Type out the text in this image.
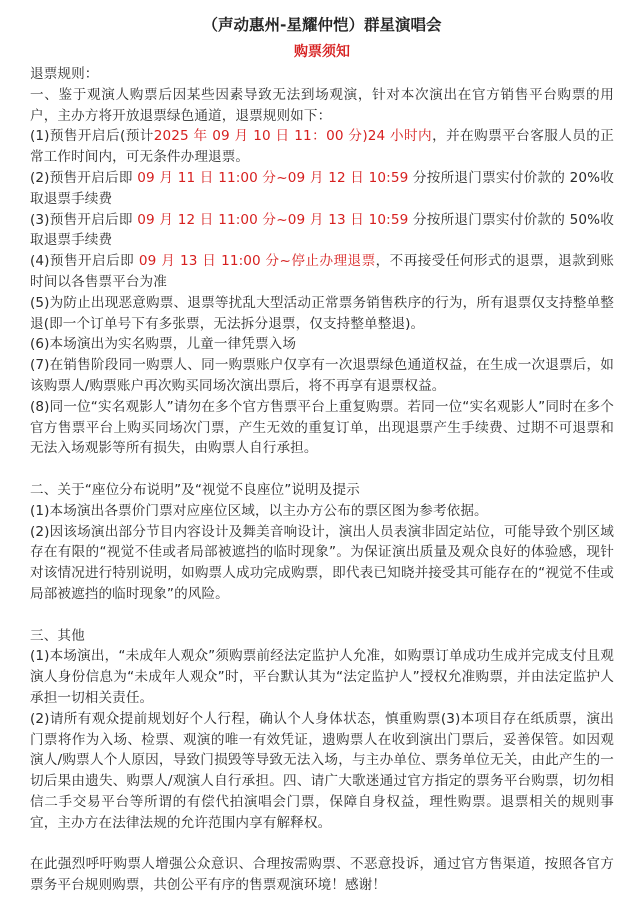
（声动惠州-星耀仲恺）群星演唱会
购票须知

退票规则：

一、鉴于观演人购票后因某些因素导致无法到场观演，针对本次演出在官方销售平台购票的用户，主办方将开放退票绿色通道，退票规则如下：

(1)预售开启后(预计2025 年 09 月 10 日 11：00 分)24 小时内，并在购票平台客服人员的正常工作时间内，可无条件办理退票。

(2)预售开启后即 09 月 11 日 11:00 分~09 月 12 日 10:59 分按所退门票实付价款的 20%收取退票手续费

(3)预售开启后即 09 月 12 日 11:00 分~09 月 13 日 10:59 分按所退门票实付价款的 50%收取退票手续费

(4)预售开启后即 09 月 13 日 11:00 分~停止办理退票，不再接受任何形式的退票，退款到账时间以各售票平台为准

(5)为防止出现恶意购票、退票等扰乱大型活动正常票务销售秩序的行为，所有退票仅支持整单整退(即一个订单号下有多张票，无法拆分退票，仅支持整单整退)。

(6)本场演出为实名购票，儿童一律凭票入场

(7)在销售阶段同一购票人、同一购票账户仅享有一次退票绿色通道权益，在生成一次退票后，如该购票人/购票账户再次购买同场次演出票后，将不再享有退票权益。

(8)同一位“实名观影人”请勿在多个官方售票平台上重复购票。若同一位“实名观影人”同时在多个官方售票平台上购买同场次门票，产生无效的重复订单，出现退票产生手续费、过期不可退票和无法入场观影等所有损失，由购票人自行承担。

二、关于“座位分布说明”及“视觉不良座位”说明及提示

(1)本场演出各票价门票对应座位区域，以主办方公布的票区图为参考依据。

(2)因该场演出部分节目内容设计及舞美音响设计，演出人员表演非固定站位，可能导致个别区域存在有限的“视觉不佳或者局部被遮挡的临时现象”。为保证演出质量及观众良好的体验感，现针对该情况进行特别说明，如购票人成功完成购票，即代表已知晓并接受其可能存在的“视觉不佳或局部被遮挡的临时现象”的风险。

三、其他

(1)本场演出，“未成年人观众”须购票前经法定监护人允准，如购票订单成功生成并完成支付且观演人身份信息为“未成年人观众”时，平台默认其为“法定监护人”授权允准购票，并由法定监护人承担一切相关责任。

(2)请所有观众提前规划好个人行程，确认个人身体状态，慎重购票(3)本项目存在纸质票，演出门票将作为入场、检票、观演的唯一有效凭证，遗购票人在收到演出门票后，妥善保管。如因观演人/购票人个人原因，导致门损毁等导致无法入场，与主办单位、票务单位无关，由此产生的一切后果由遗失、购票人/观演人自行承担。四、请广大歌迷通过官方指定的票务平台购票，切勿相信二手交易平台等所谓的有偿代拍演唱会门票，保障自身权益，理性购票。退票相关的规则事宜，主办方在法律法规的允许范围内享有解释权。

在此强烈呼吁购票人增强公众意识、合理按需购票、不恶意投诉，通过官方售渠道，按照各官方票务平台规则购票，共创公平有序的售票观演环境！感谢！
